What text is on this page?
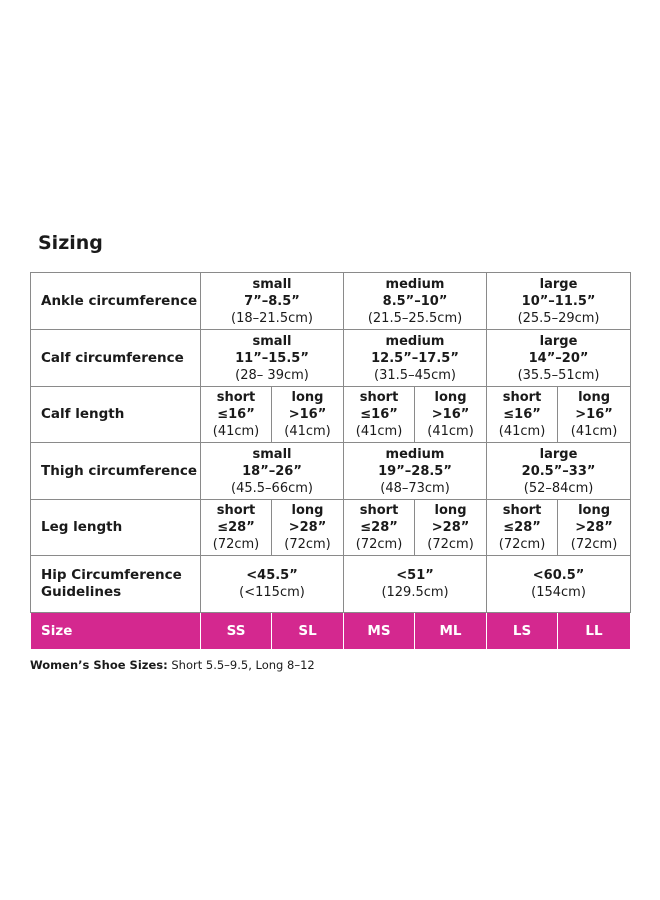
Sizing
Ankle circumference	small
7”–8.5”
(18–21.5cm)		medium
8.5”–10”
(21.5–25.5cm)		large
10”–11.5”
(25.5–29cm)	

Calf circumference	small
11”–15.5”
(28– 39cm)		medium
12.5”–17.5”
(31.5–45cm)		large
14”–20”
(35.5–51cm)	

Calf length	short
≤16”
(41cm)	long
>16”
(41cm)	short
≤16”
(41cm)	long
>16”
(41cm)	short
≤16”
(41cm)	long
>16”
(41cm)

Thigh circumference	small
18”–26”
(45.5–66cm)		medium
19”–28.5”
(48–73cm)		large
20.5”–33”
(52–84cm)	

Leg length	short
≤28”
(72cm)	long
>28”
(72cm)	short
≤28”
(72cm)	long
>28”
(72cm)	short
≤28”
(72cm)	long
>28”
(72cm)

Hip Circumference
Guidelines	<45.5”
(<115cm)		<51”
(129.5cm)		<60.5”
(154cm)	

Size	SS	SL	MS	ML	LS	LL
Women’s Shoe Sizes: Short 5.5–9.5, Long 8–12
